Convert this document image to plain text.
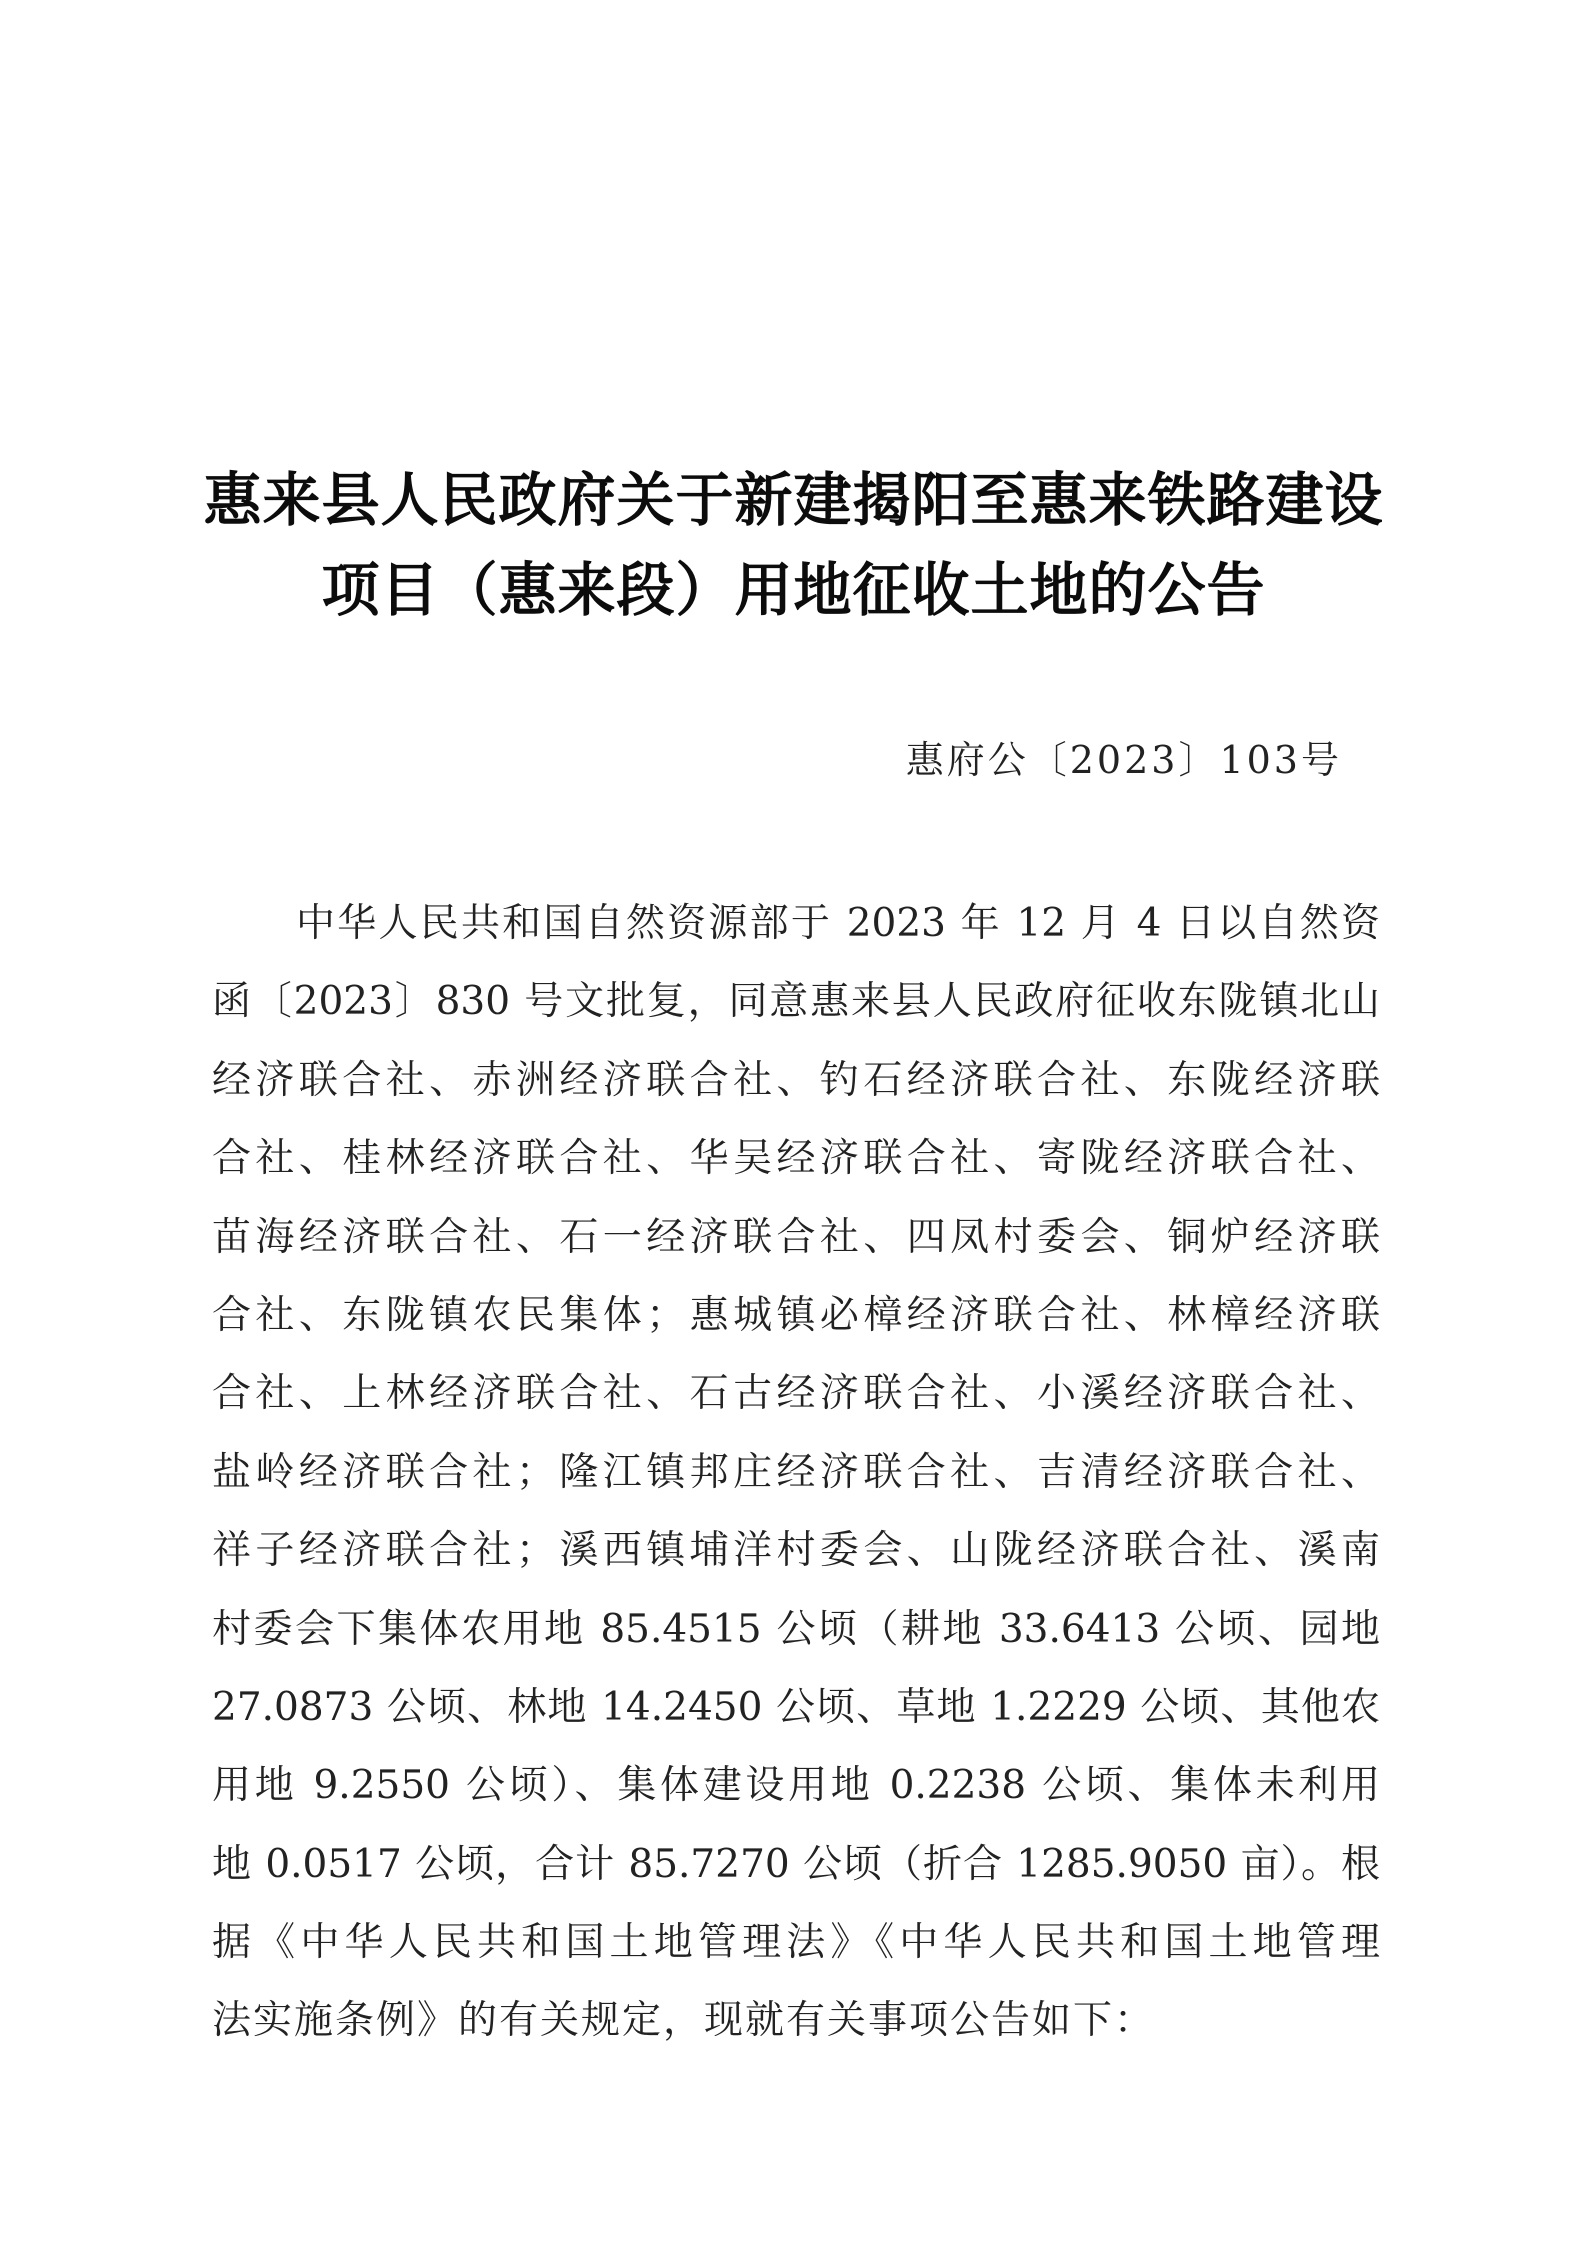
惠来县人民政府关于新建揭阳至惠来铁路建设
项目（惠来段）用地征收土地的公告
惠府公〔2023〕103号
中华人民共和国自然资源部于 2023 年 12 月 4 日以自然资
函〔2023〕830 号文批复，同意惠来县人民政府征收东陇镇北山
经济联合社、赤洲经济联合社、钓石经济联合社、东陇经济联
合社、桂林经济联合社、华吴经济联合社、寄陇经济联合社、
苗海经济联合社、石一经济联合社、四凤村委会、铜炉经济联
合社、东陇镇农民集体；惠城镇必樟经济联合社、林樟经济联
合社、上林经济联合社、石古经济联合社、小溪经济联合社、
盐岭经济联合社；隆江镇邦庄经济联合社、吉清经济联合社、
祥子经济联合社；溪西镇埔洋村委会、山陇经济联合社、溪南
村委会下集体农用地 85.4515 公顷（耕地 33.6413 公顷、园地
27.0873 公顷、林地 14.2450 公顷、草地 1.2229 公顷、其他农
用地 9.2550 公顷）、集体建设用地 0.2238 公顷、集体未利用
地 0.0517 公顷，合计 85.7270 公顷（折合 1285.9050 亩）。根
据《中华人民共和国土地管理法》《中华人民共和国土地管理
法实施条例》的有关规定，现就有关事项公告如下：
